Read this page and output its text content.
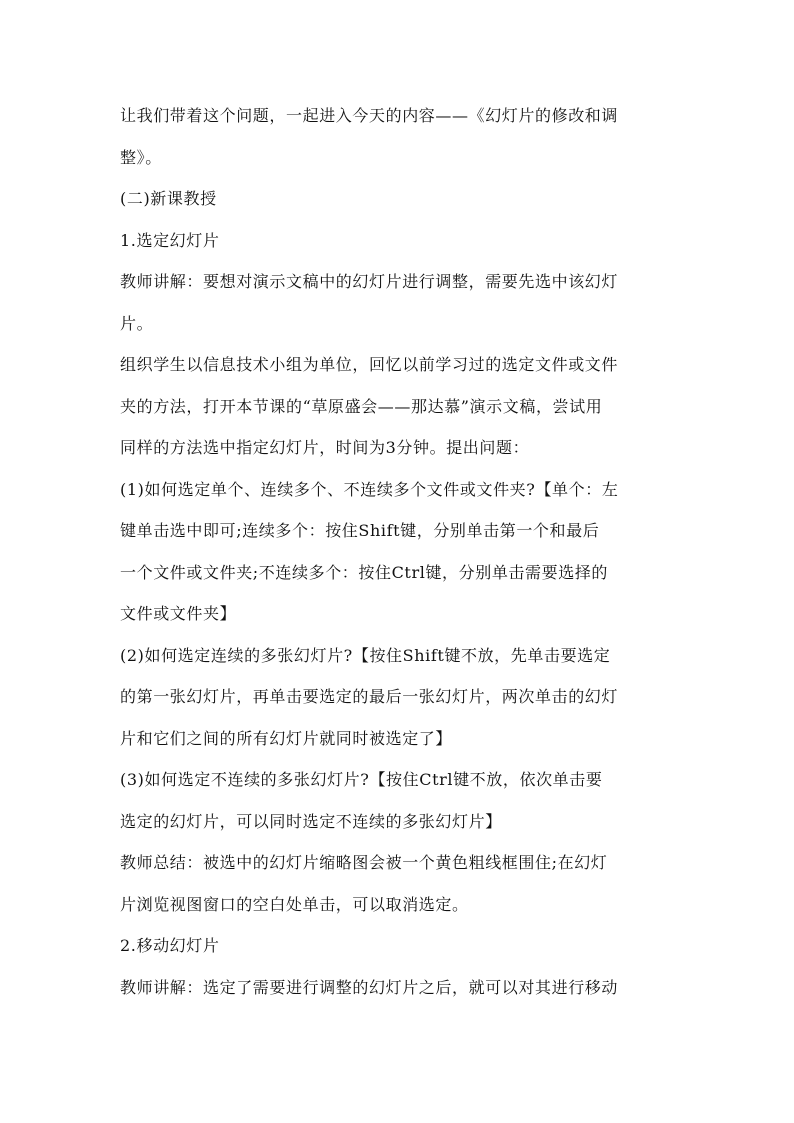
让我们带着这个问题，一起进入今天的内容——《幻灯片的修改和调
整》。
(二)新课教授
1.选定幻灯片
教师讲解：要想对演示文稿中的幻灯片进行调整，需要先选中该幻灯
片。
组织学生以信息技术小组为单位，回忆以前学习过的选定文件或文件
夹的方法，打开本节课的“草原盛会——那达慕”演示文稿，尝试用
同样的方法选中指定幻灯片，时间为3分钟。提出问题：
(1)如何选定单个、连续多个、不连续多个文件或文件夹?【单个：左
键单击选中即可;连续多个：按住Shift键，分别单击第一个和最后
一个文件或文件夹;不连续多个：按住Ctrl键，分别单击需要选择的
文件或文件夹】
(2)如何选定连续的多张幻灯片?【按住Shift键不放，先单击要选定
的第一张幻灯片，再单击要选定的最后一张幻灯片，两次单击的幻灯
片和它们之间的所有幻灯片就同时被选定了】
(3)如何选定不连续的多张幻灯片?【按住Ctrl键不放，依次单击要
选定的幻灯片，可以同时选定不连续的多张幻灯片】
教师总结：被选中的幻灯片缩略图会被一个黄色粗线框围住;在幻灯
片浏览视图窗口的空白处单击，可以取消选定。
2.移动幻灯片
教师讲解：选定了需要进行调整的幻灯片之后，就可以对其进行移动
